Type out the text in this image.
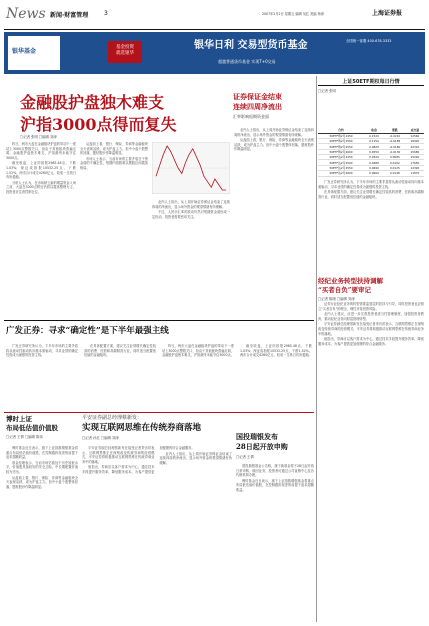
News 新闻·财富管理	3	2007年2月2日 星期五 编辑 吴红 美编 杨涛	上海证券报
银华基金
基金投资
就选银华
银华日利 交易型货币基金
超越普通货币基金 实现T+0交易
全国统一客服 400-678-3333
金融股护盘独木难支
沪指3000点得而复失
□记者 张明 □编辑 刘涛
证券保证金结束
连续四周净流出
汇率影响短期资金面

昨日，两市大盘在金融板块护盘的带动下一度站上3000点整数关口，但由于其他板块普遍走弱，金融股护盘独木难支，沪指最终未能守住3000点。

截至收盘，上证综指报2985.48点，下跌1.03%；深证成指报10532.25点，下跌1.52%。两市合计成交4260亿元，较前一交易日有所萎缩。

分析人士认为，在市场缺乏新的增量资金入场之前，大盘在3000点附近仍将以震荡整理为主，投资者应注意控制仓位。

从盘面上看，银行、保险、券商等金融板块全天表现活跃，成为护盘主力。但中小盘个股整体回落，题材股炒作降温明显。

市场人士表示，当前市场的主要矛盾在于资金面的不确定性，短期内指数难以摆脱区间震荡格局。

业内人士指出，从上周开始证券保证金结束了连续四周的净流出，显示场外资金的观望情绪有所缓解。

不过，人民币汇率的波动仍然对短期资金面形成一定扰动，投资者需要密切关注。

业内人士指出，从上周开始证券保证金结束了连续四周的净流出，显示场外资金的观望情绪有所缓解。

从盘面上看，银行、保险、券商等金融板块全天表现活跃，成为护盘主力。但中小盘个股整体回落，题材股炒作降温明显。

上证50ETF期权每日行情
□记者 张明
合约	收盘	涨跌	成交量
50ETF购2月2450	0.1520	-0.0210	12560
50ETF购2月2500	0.1150	-0.0185	18420
50ETF购2月2550	0.0820	-0.0160	22310
50ETF购2月2600	0.0550	-0.0130	25680
50ETF沽2月2450	0.0320	0.0085	15240
50ETF沽2月2500	0.0480	0.0102	17650
50ETF沽2月2550	0.0690	0.0125	14320
50ETF沽2月2600	0.0960	0.0148	11870

广发正券研究所认为，下半年市场的主要矛盾将从流动性驱动转向基本面驱动，寻求业绩的确定性将成为最强的投资主线。

在具体配置方面，建议关注业绩增长确定性较高的消费、医药和高端制造行业，同时适当配置低估值的金融板块。

经纪业务转型扶持调解
“买者自负”要审记
□记者 陈刚 □编辑 刘涛

证券行业经纪业务的转型需要监管层的扶持与引导，同时投资者也应树立“买者自负”的理念，理性对待投资风险。

业内人士建议，应进一步完善投资者适当性管理制度，加强投资者教育，推动经纪业务向财富管理转型。

平安证券副总经理蔡新发在接受记者采访时表示，互联网思维正在深刻改变传统券商的经营模式，平安证券将积极推动互联网思维在传统券商业务中的落地。

他指出，券商应以客户需求为中心，通过技术手段提升服务效率，降低服务成本，为客户提供更加便捷的综合金融服务。

广发正券：寻求“确定性”是下半年最强主线

广发正券研究所认为，下半年市场的主要矛盾将从流动性驱动转向基本面驱动，寻求业绩的确定性将成为最强的投资主线。

在具体配置方面，建议关注业绩增长确定性较高的消费、医药和高端制造行业，同时适当配置低估值的金融板块。

昨日，两市大盘在金融板块护盘的带动下一度站上3000点整数关口，但由于其他板块普遍走弱，金融股护盘独木难支，沪指最终未能守住3000点。

截至收盘，上证综指报2985.48点，下跌1.03%；深证成指报10532.25点，下跌1.52%。两市合计成交4260亿元，较前一交易日有所萎缩。

博时上证
布局低估值价值股
□记者 王倩 □编辑 陈伟

博时基金近日表示，旗下上证指数增强基金将重点布局低估值价值股，在控制跟踪误差的前提下追求超额收益。

基金经理表示，当前市场估值处于历史较低水平，价值股具备较好的安全边际，中长期配置价值较为突出。

从盘面上看，银行、保险、券商等金融板块全天表现活跃，成为护盘主力。但中小盘个股整体回落，题材股炒作降温明显。

平安证券副总经理蔡新发：
实现互联网思维在传统券商落地
□记者 孙红 □编辑 刘涛

平安证券副总经理蔡新发在接受记者采访时表示，互联网思维正在深刻改变传统券商的经营模式，平安证券将积极推动互联网思维在传统券商业务中的落地。

他指出，券商应以客户需求为中心，通过技术手段提升服务效率，降低服务成本，为客户提供更加便捷的综合金融服务。

业内人士指出，从上周开始证券保证金结束了连续四周的净流出，显示场外资金的观望情绪有所缓解。

国投瑞银发布
28日起开放申购
□记者 王倩

国投瑞银基金公告称，旗下新基金将于28日起开放日常申购、赎回业务，投资者可通过公司直销中心及各代销机构办理。

博时基金近日表示，旗下上证指数增强基金将重点布局低估值价值股，在控制跟踪误差的前提下追求超额收益。
